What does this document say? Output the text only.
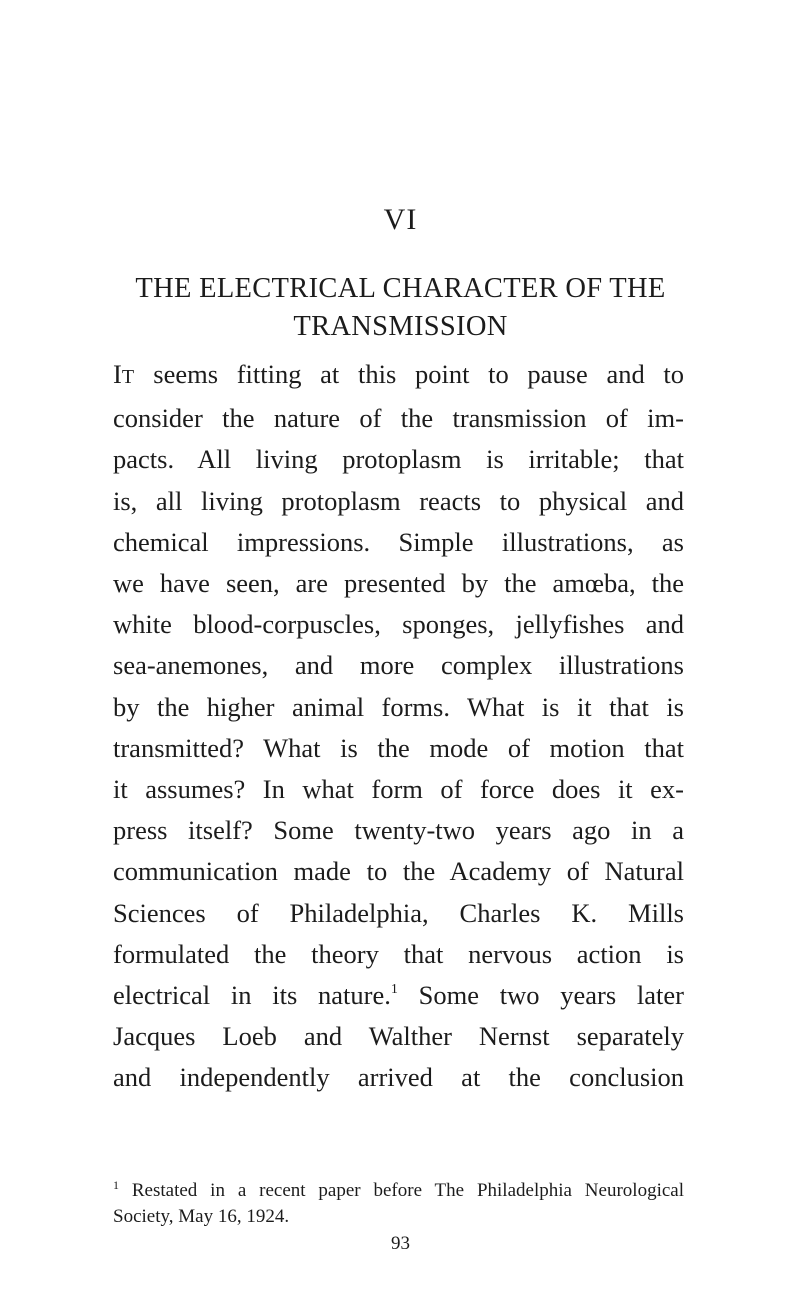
VI
THE ELECTRICAL CHARACTER OF THE
TRANSMISSION
IT seems fitting at this point to pause and to
consider the nature of the transmission of im-
pacts. All living protoplasm is irritable; that
is, all living protoplasm reacts to physical and
chemical impressions. Simple illustrations, as
we have seen, are presented by the amœba, the
white blood-corpuscles, sponges, jellyfishes and
sea-anemones, and more complex illustrations
by the higher animal forms. What is it that is
transmitted? What is the mode of motion that
it assumes? In what form of force does it ex-
press itself? Some twenty-two years ago in a
communication made to the Academy of Natural
Sciences of Philadelphia, Charles K. Mills
formulated the theory that nervous action is
electrical in its nature.$^1$ Some two years later
Jacques Loeb and Walther Nernst separately
and independently arrived at the conclusion
$^1$ Restated in a recent paper before The Philadelphia Neurological
Society, May 16, 1924.
93
